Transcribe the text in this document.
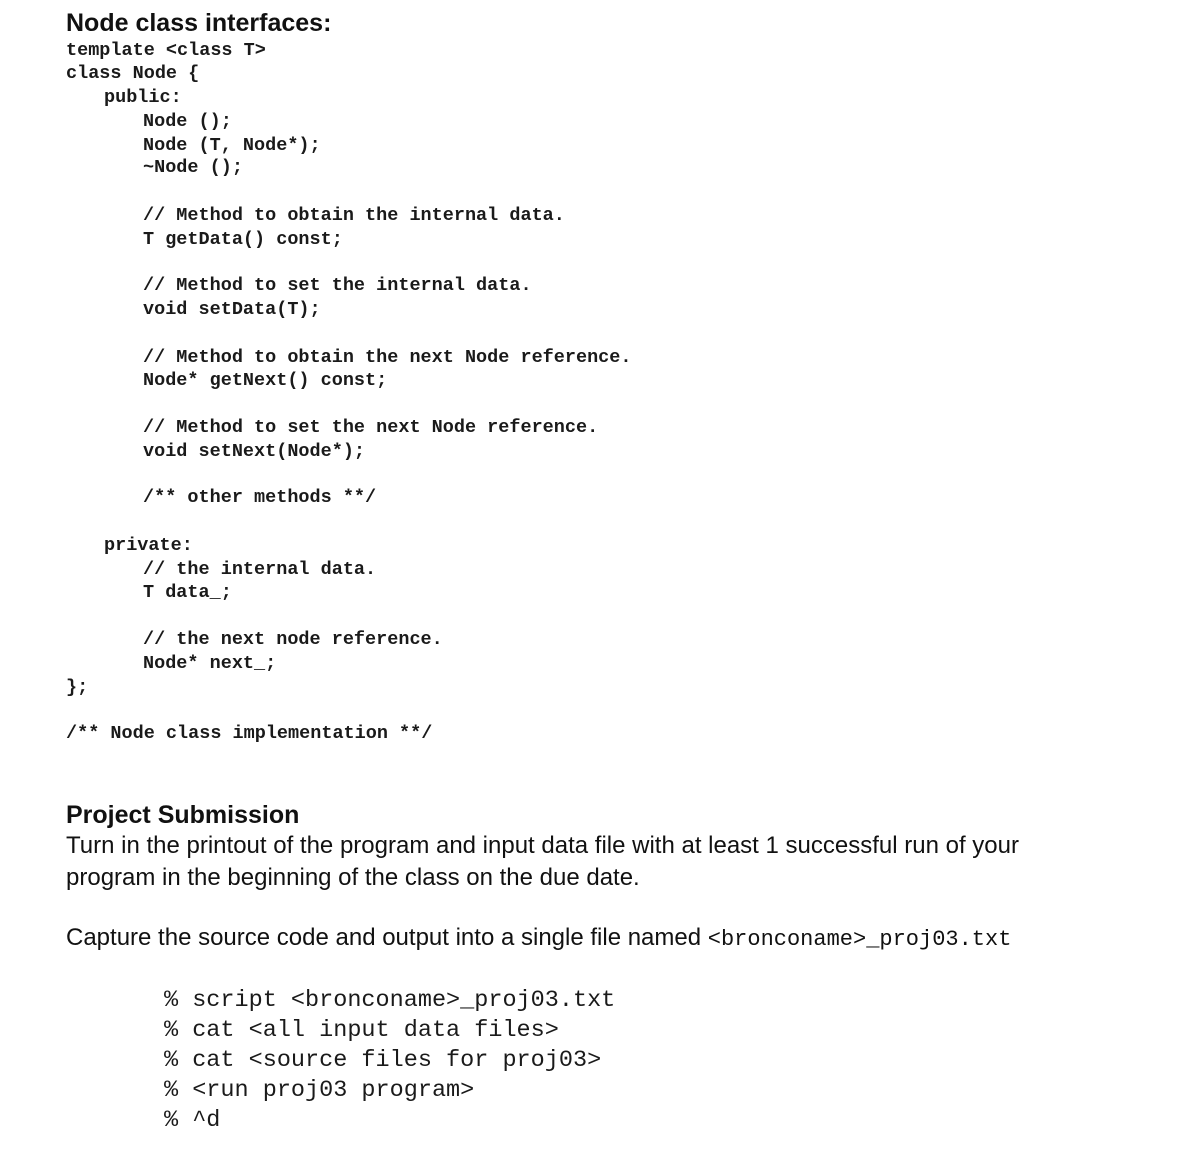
Node class interfaces:
template <class T>
class Node {
public:
Node ();
Node (T, Node*);
~Node ();
// Method to obtain the internal data.
T getData() const;
// Method to set the internal data.
void setData(T);
// Method to obtain the next Node reference.
Node* getNext() const;
// Method to set the next Node reference.
void setNext(Node*);
/** other methods **/
private:
// the internal data.
T data_;
// the next node reference.
Node* next_;
};
/** Node class implementation **/
Project Submission
Turn in the printout of the program and input data file with at least 1 successful run of your
program in the beginning of the class on the due date.
Capture the source code and output into a single file named <bronconame>_proj03.txt
% script <bronconame>_proj03.txt
% cat <all input data files>
% cat <source files for proj03>
% <run proj03 program>
% ^d
